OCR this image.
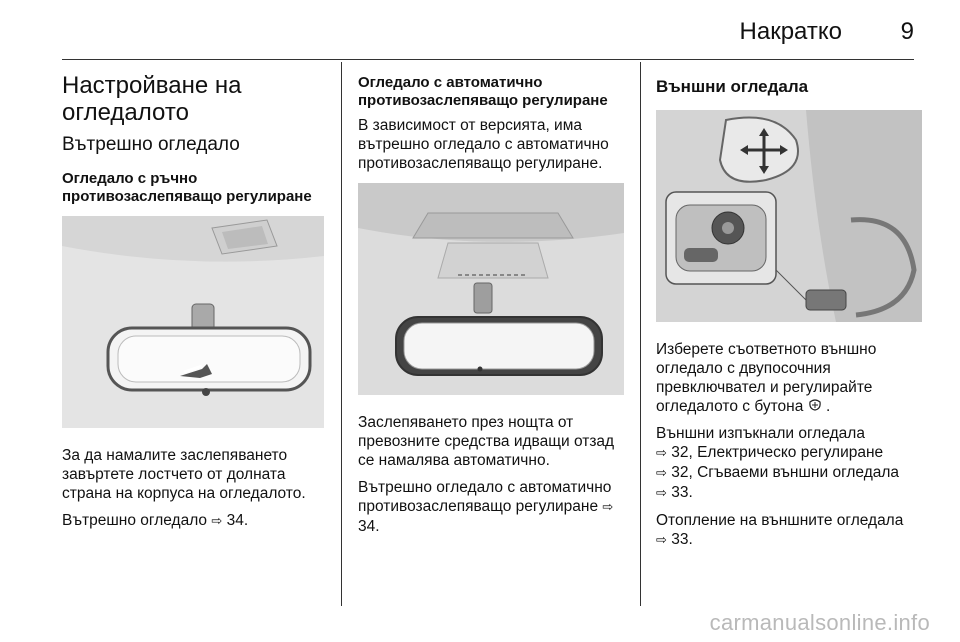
Накратко 9
Настройване на огледалото
Вътрешно огледало
Огледало с ръчно противозаслепяващо регулиране

За да намалите заслепяването завъртете лостчето от долната страна на корпуса на огледалото.

Вътрешно огледало ⇨ 34.

Огледало с автоматично противозаслепяващо регулиране

В зависимост от версията, има вътрешно огледало с автоматично противозаслепяващо регулиране.

Заслепяването през нощта от превозните средства идващи отзад се намалява автоматично.

Вътрешно огледало с автоматично противозаслепяващо регулиране ⇨ 34.

Външни огледала

Изберете съответното външно огледало с двупосочния превключвател и регулирайте огледалото с бутона .

Външни изпъкнали огледала
⇨ 32, Електрическо регулиране
⇨ 32, Сгъваеми външни огледала
⇨ 33.

Отопление на външните огледала
⇨ 33.

carmanualsonline.info
